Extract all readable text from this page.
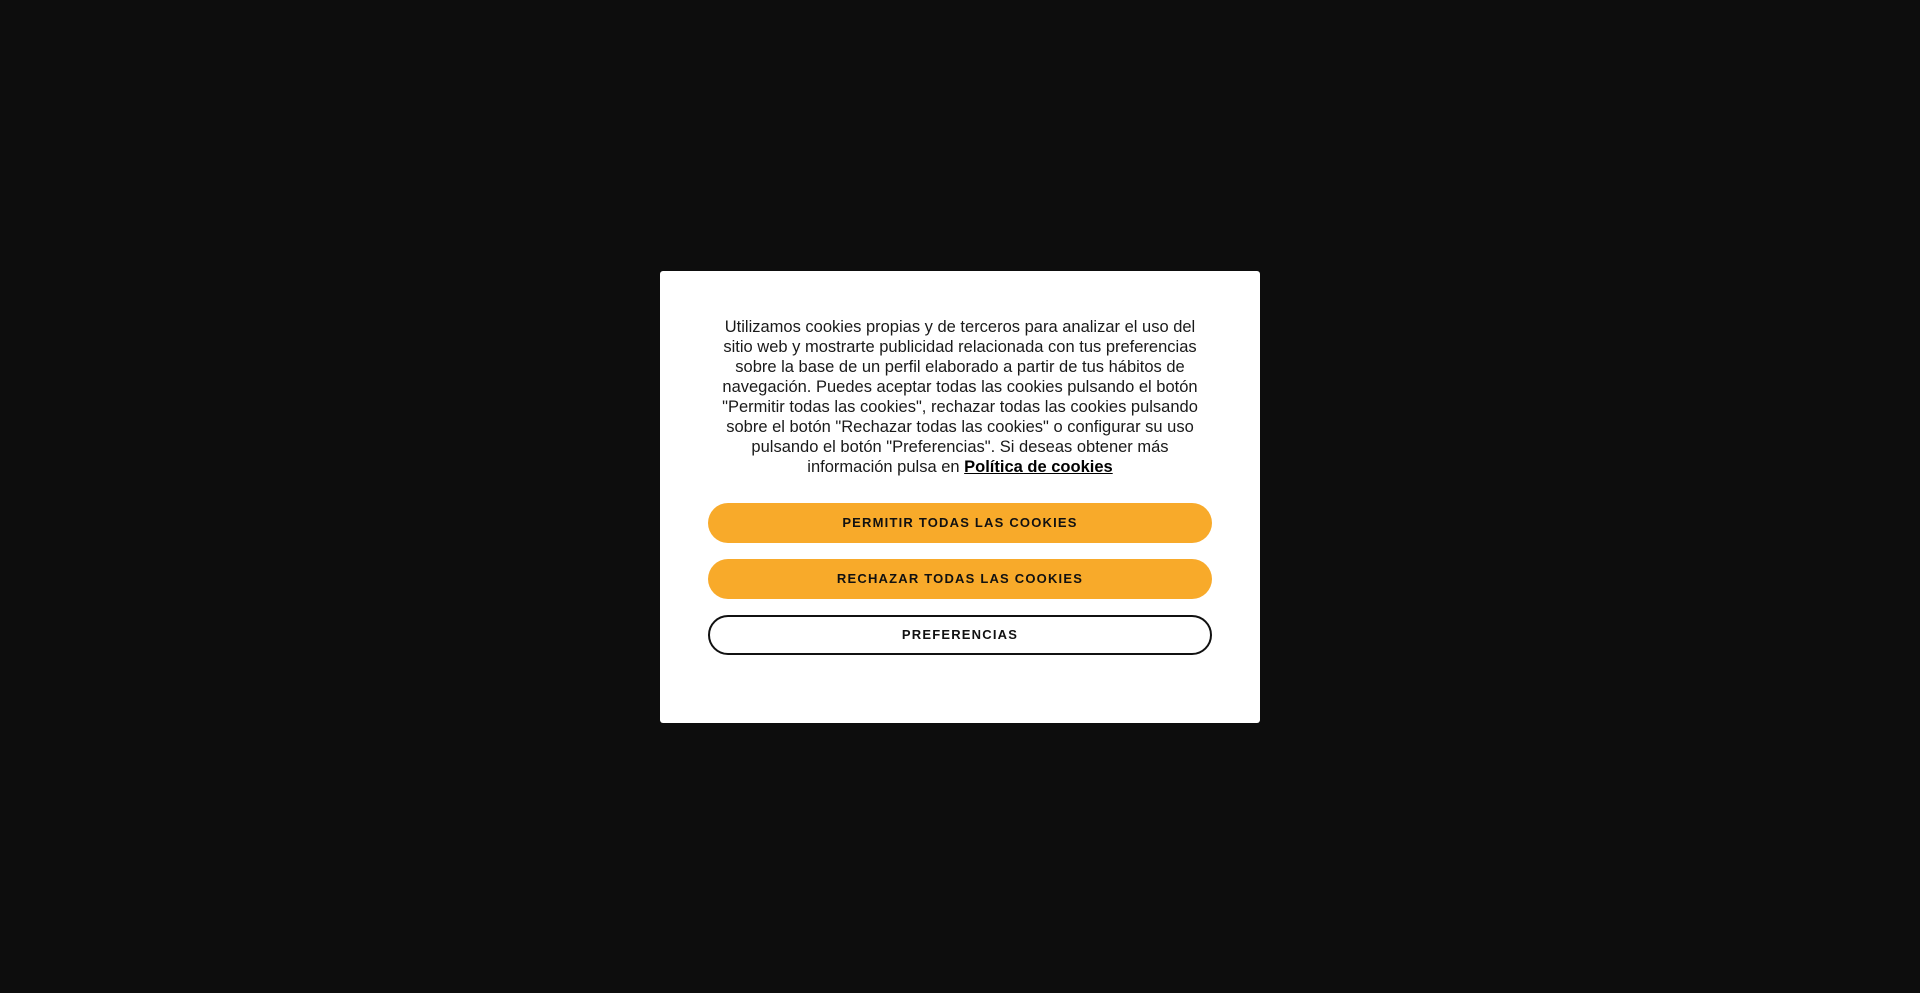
Utilizamos cookies propias y de terceros para analizar el uso del sitio web y mostrarte publicidad relacionada con tus preferencias sobre la base de un perfil elaborado a partir de tus hábitos de navegación. Puedes aceptar todas las cookies pulsando el botón "Permitir todas las cookies", rechazar todas las cookies pulsando sobre el botón "Rechazar todas las cookies" o configurar su uso pulsando el botón "Preferencias". Si deseas obtener más información pulsa en Política de cookies

PERMITIR TODAS LAS COOKIES
RECHAZAR TODAS LAS COOKIES
PREFERENCIAS
